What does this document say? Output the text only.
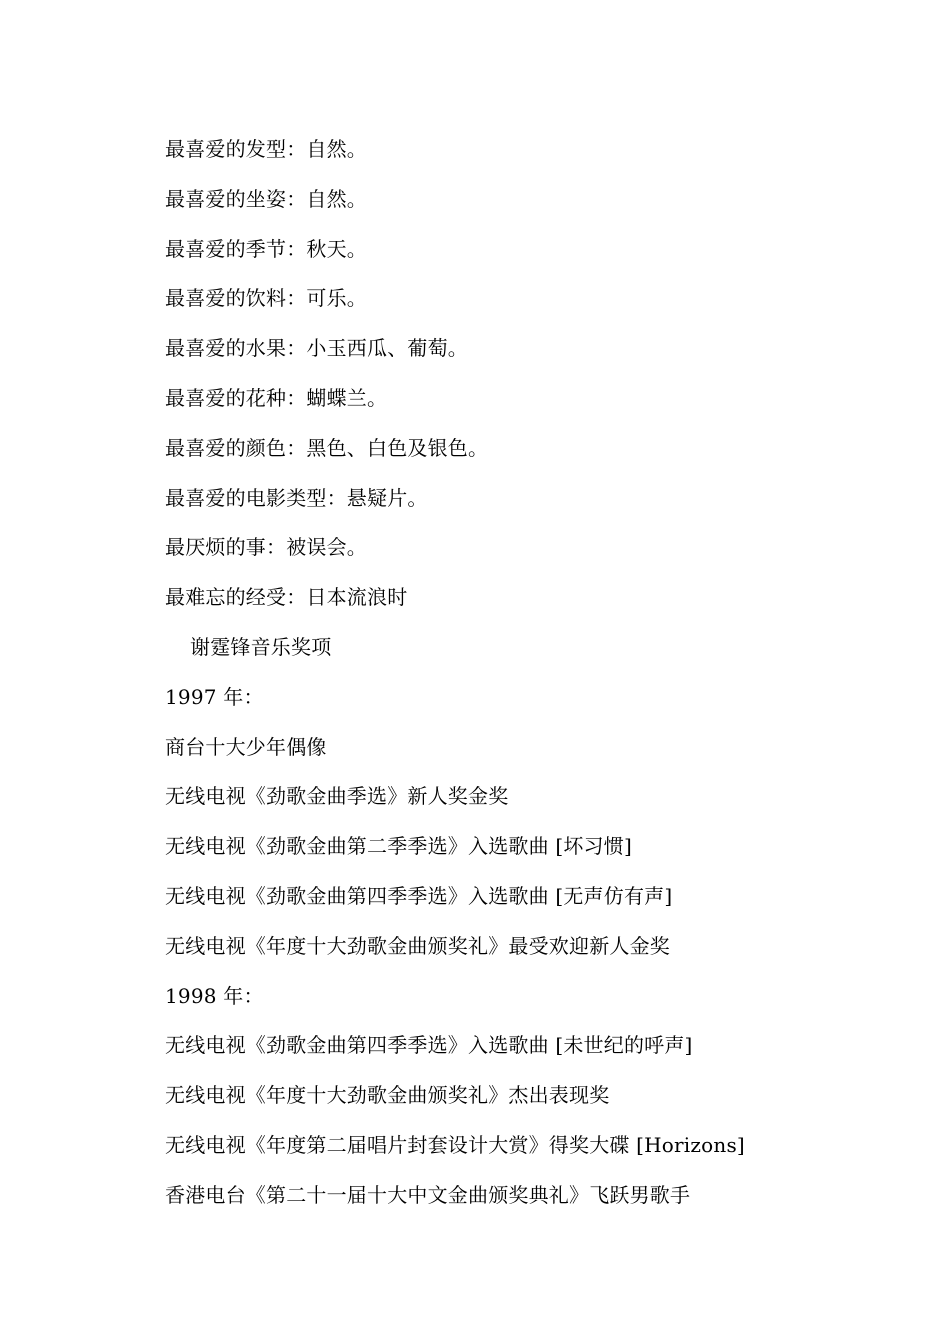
最喜爱的发型：自然。
最喜爱的坐姿：自然。
最喜爱的季节：秋天。
最喜爱的饮料：可乐。
最喜爱的水果：小玉西瓜、葡萄。
最喜爱的花种：蝴蝶兰。
最喜爱的颜色：黑色、白色及银色。
最喜爱的电影类型：悬疑片。
最厌烦的事：被误会。
最难忘的经受：日本流浪时
谢霆锋音乐奖项
1997 年：
商台十大少年偶像
无线电视《劲歌金曲季选》新人奖金奖
无线电视《劲歌金曲第二季季选》入选歌曲 [坏习惯]
无线电视《劲歌金曲第四季季选》入选歌曲 [无声仿有声]
无线电视《年度十大劲歌金曲颁奖礼》最受欢迎新人金奖
1998 年：
无线电视《劲歌金曲第四季季选》入选歌曲 [未世纪的呼声]
无线电视《年度十大劲歌金曲颁奖礼》杰出表现奖
无线电视《年度第二届唱片封套设计大赏》得奖大碟 [Horizons]
香港电台《第二十一届十大中文金曲颁奖典礼》飞跃男歌手
